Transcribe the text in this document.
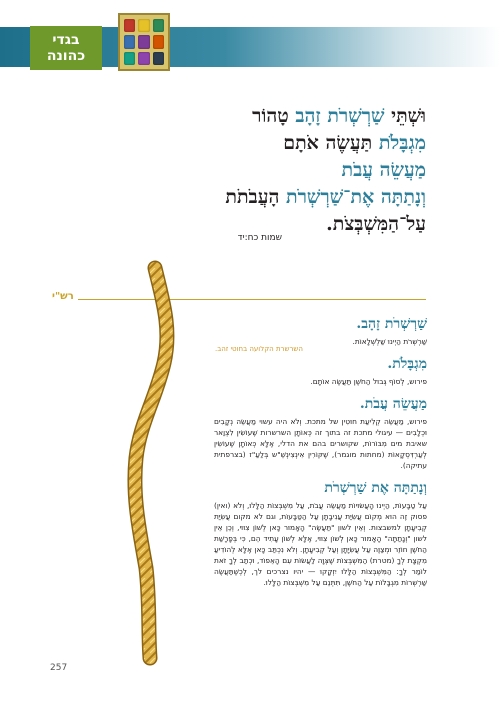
בגדי
כהונה
וּשְׁתֵּי שַׁרְשְׁרֹת זָהָב טָהוֹר
מִגְבָּלֹת תַּעֲשֶׂה אֹתָם
מַעֲשֵׂה עֲבֹת
וְנָתַתָּה אֶת־שַׁרְשְׁרֹת הָעֲבֹתֹת
עַל־הַמִּשְׁבְּצֹת.
שמות כח:יד
רש"י
השרשרת הקלועה בחוטי זהב.
שַׁרְשְׁרֹת זָהָב.

שַׁרְשְׁרֹת הַיְינוּ שַׁלְשְׁלָאוֹת.

מִגְבָּלֹת.

פירוש, לְסוֹף גְּבוּל הַחֹשֶׁן תַּעֲשֶׂה אוֹתָם.

מַעֲשֵׂה עֲבֹת.

פירוש, מַעֲשֵׂה קְלִיעַת חוּטִין של מתכת. וְלֹא היה עשוי מַעֲשֵׂה נְקָבִים וּכְלָבִים — עיגולי מתכת זה בתוך זה כְּאוֹתָן השרשרות שֶׁעוֹשִׂין לִצְוַאר שאיבת מים מִבּוֹרוֹת, שקושרים בהם את הדלי, אֶלָּא כְּאוֹתָן שֶׁעוֹשִׂין לְעַרְדִּסְקָאוֹת (מחתות מוגמר), שֶׁקּוֹרִין אִינְצִינְשֵׁ"ש בְּלַעַ"ז (בצרפתית עתיקה).

וְנָתַתָּה אֶת שַׁרְשְׁרֹת

עַל טַבָּעוֹת, הַיְינוּ הָעֲשׂוּיוֹת מַעֲשֵׂה עֲבֹת, עַל מִשְׁבְּצוֹת הַלָּלוּ, וְלֹא (ואין) פסוק זֶה הוּא מְקוֹם עֲשִׂיַּת עֲנִיבָתָן עַל הַטַּבָּעוֹת, וגם לֹא מקום עֲשִׂיַּת קְבִיעָתָן למשבצות. וְאֵין לשון "תַּעֲשֶׂה" הָאָמוּר כָּאן לְשׁוֹן צִוּוּי, וְכֵן אֵין לשון "וְנָתַתָּה" הָאָמוּר כָּאן לְשׁוֹן צִוּוּי, אֶלָּא לְשׁוֹן עָתִיד הֵם, כִּי בְּפָרָשַׁת הַחֹשֶׁן חוֹזֵר וּמְצַוֶּה עַל עֲשִׂיָּתָן וְעַל קְבִיעָתָן. וְלֹא נִכְתַּב כָּאן אֶלָּא לְהוֹדִיעַ מִקְצָת לְךָ (מטרת) הַמִּשְׁבְּצוֹת שֶׁצְּוָּה לַעֲשׂוֹת עִם הָאֵפוֹד, וּכְתַב לְךָ זֹאת לוֹמַר לְךָ: הַמִּשְׁבְּצוֹת הַלָּלוּ יִזְקָקוּ — יהיו נצרכים לך, לְכְשֶׁתַּעֲשֶׂה שַׁרְשְׁרוֹת מִגְבָּלוֹת עַל הַחֹשֶׁן, תִּתְּנֵם עַל מִשְׁבְּצוֹת הַלָּלוּ.

257
